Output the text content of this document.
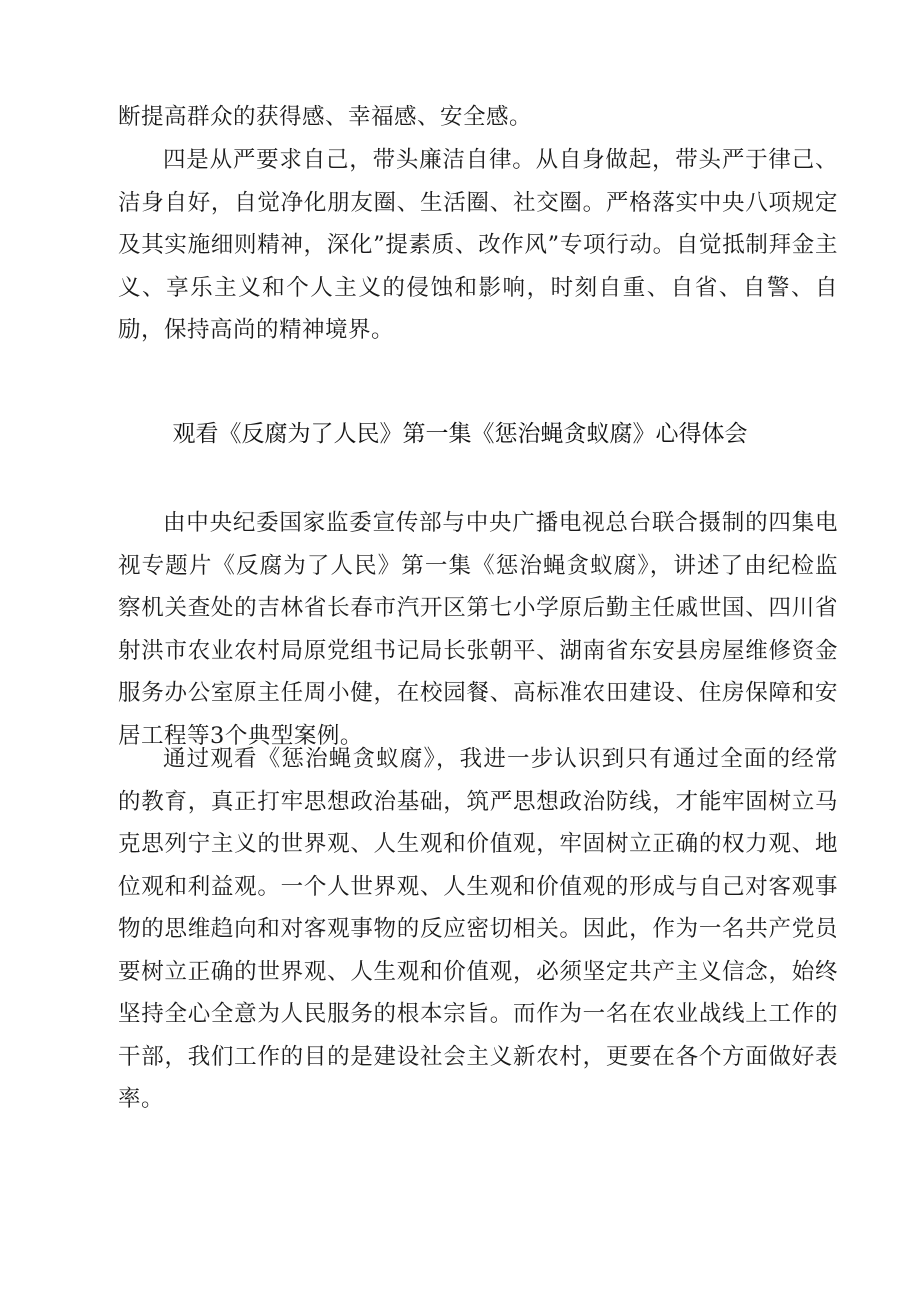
断提高群众的获得感、幸福感、安全感。

四是从严要求自己，带头廉洁自律。从自身做起，带头严于律己、洁身自好，自觉净化朋友圈、生活圈、社交圈。严格落实中央八项规定及其实施细则精神，深化”提素质、改作风”专项行动。自觉抵制拜金主义、享乐主义和个人主义的侵蚀和影响，时刻自重、自省、自警、自励，保持高尚的精神境界。

观看《反腐为了人民》第一集《惩治蝇贪蚁腐》心得体会

由中央纪委国家监委宣传部与中央广播电视总台联合摄制的四集电视专题片《反腐为了人民》第一集《惩治蝇贪蚁腐》，讲述了由纪检监察机关查处的吉林省长春市汽开区第七小学原后勤主任戚世国、四川省射洪市农业农村局原党组书记局长张朝平、湖南省东安县房屋维修资金服务办公室原主任周小健，在校园餐、高标准农田建设、住房保障和安居工程等3个典型案例。

通过观看《惩治蝇贪蚁腐》，我进一步认识到只有通过全面的经常的教育，真正打牢思想政治基础，筑严思想政治防线，才能牢固树立马克思列宁主义的世界观、人生观和价值观，牢固树立正确的权力观、地位观和利益观。一个人世界观、人生观和价值观的形成与自己对客观事物的思维趋向和对客观事物的反应密切相关。因此，作为一名共产党员要树立正确的世界观、人生观和价值观，必须坚定共产主义信念，始终坚持全心全意为人民服务的根本宗旨。而作为一名在农业战线上工作的干部，我们工作的目的是建设社会主义新农村，更要在各个方面做好表率。
